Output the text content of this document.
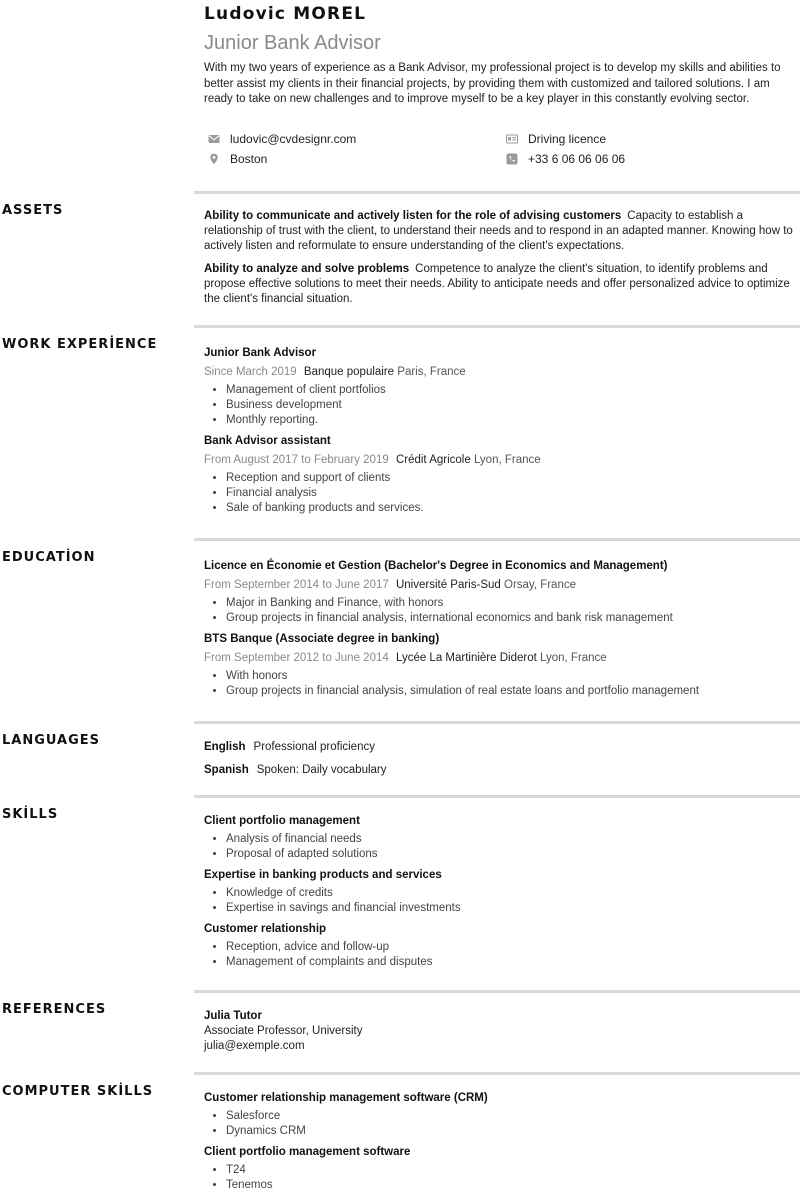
Ludovic MOREL
Junior Bank Advisor
With my two years of experience as a Bank Advisor, my professional project is to develop my skills and abilities to better assist my clients in their financial projects, by providing them with customized and tailored solutions. I am ready to take on new challenges and to improve myself to be a key player in this constantly evolving sector.
ludovic@cvdesignr.com
Boston
Driving licence
+33 6 06 06 06 06
ASSETS	Ability to communicate and actively listen for the role of advising customers Capacity to establish a relationship of trust with the client, to understand their needs and to respond in an adapted manner. Knowing how to actively listen and reformulate to ensure understanding of the client's expectations.
Ability to analyze and solve problems Competence to analyze the client's situation, to identify problems and propose effective solutions to meet their needs. Ability to anticipate needs and offer personalized advice to optimize the client's financial situation.
WORK EXPERİENCE
Junior Bank Advisor
Since March 2019 Banque populaire Paris, France
• Management of client portfolios
• Business development
• Monthly reporting.
Bank Advisor assistant
From August 2017 to February 2019 Crédit Agricole Lyon, France
• Reception and support of clients
• Financial analysis
• Sale of banking products and services.
EDUCATİON
Licence en Économie et Gestion (Bachelor's Degree in Economics and Management)
From September 2014 to June 2017 Université Paris-Sud Orsay, France
• Major in Banking and Finance, with honors
• Group projects in financial analysis, international economics and bank risk management
BTS Banque (Associate degree in banking)
From September 2012 to June 2014 Lycée La Martinière Diderot Lyon, France
• With honors
• Group projects in financial analysis, simulation of real estate loans and portfolio management
LANGUAGES	English Professional proficiency
Spanish Spoken: Daily vocabulary
SKİLLS	Client portfolio management
• Analysis of financial needs
• Proposal of adapted solutions
Expertise in banking products and services
• Knowledge of credits
• Expertise in savings and financial investments
Customer relationship
• Reception, advice and follow-up
• Management of complaints and disputes
REFERENCES	Julia Tutor
Associate Professor, University
julia@exemple.com
COMPUTER SKİLLS	Customer relationship management software (CRM)
• Salesforce
• Dynamics CRM
Client portfolio management software
• T24
• Tenemos
